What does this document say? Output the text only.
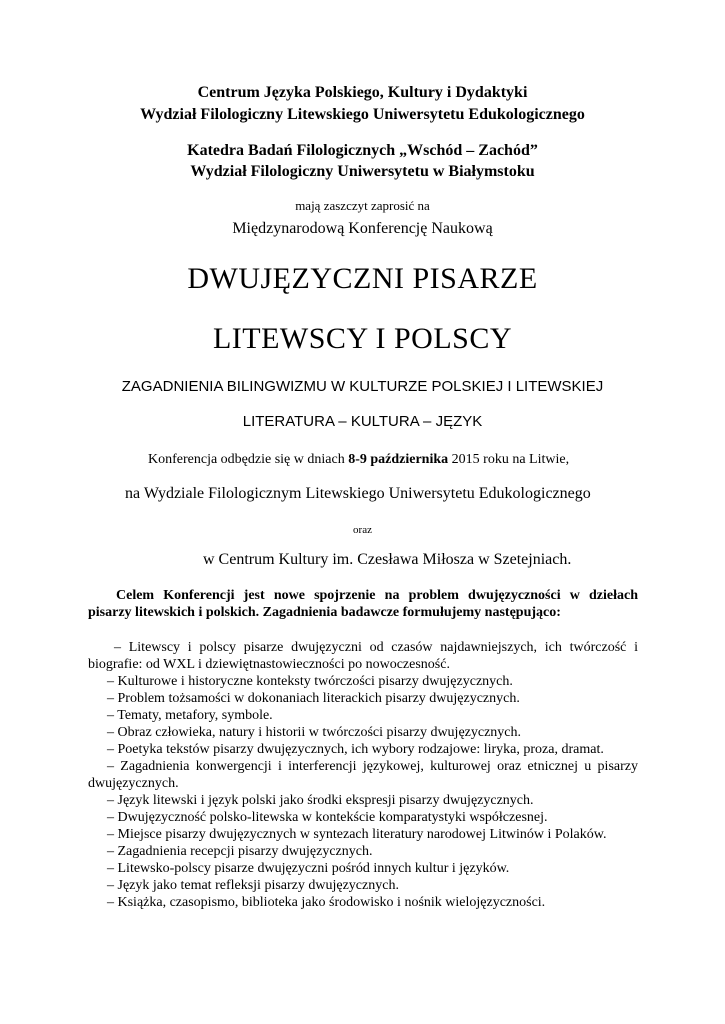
Centrum Języka Polskiego, Kultury i Dydaktyki
Wydział Filologiczny Litewskiego Uniwersytetu Edukologicznego
Katedra Badań Filologicznych „Wschód – Zachód”
Wydział Filologiczny Uniwersytetu w Białymstoku
mają zaszczyt zaprosić na
Międzynarodową Konferencję Naukową
DWUJĘZYCZNI PISARZE
LITEWSCY I POLSCY
ZAGADNIENIA BILINGWIZMU W KULTURZE POLSKIEJ I LITEWSKIEJ
LITERATURA – KULTURA – JĘZYK
Konferencja odbędzie się w dniach 8-9 października 2015 roku na Litwie,
na Wydziale Filologicznym Litewskiego Uniwersytetu Edukologicznego
oraz
w Centrum Kultury im. Czesława Miłosza w Szetejniach.
Celem Konferencji jest nowe spojrzenie na problem dwujęzyczności w dziełach
pisarzy litewskich i polskich. Zagadnienia badawcze formułujemy następująco:
– Litewscy i polscy pisarze dwujęzyczni od czasów najdawniejszych, ich twórczość i
biografie: od WXL i dziewiętnastowieczności po nowoczesność.
– Kulturowe i historyczne konteksty twórczości pisarzy dwujęzycznych.
– Problem tożsamości w dokonaniach literackich pisarzy dwujęzycznych.
– Tematy, metafory, symbole.
– Obraz człowieka, natury i historii w twórczości pisarzy dwujęzycznych.
– Poetyka tekstów pisarzy dwujęzycznych, ich wybory rodzajowe: liryka, proza, dramat.
– Zagadnienia konwergencji i interferencji językowej, kulturowej oraz etnicznej u pisarzy
dwujęzycznych.
– Język litewski i język polski jako środki ekspresji pisarzy dwujęzycznych.
– Dwujęzyczność polsko-litewska w kontekście komparatystyki współczesnej.
– Miejsce pisarzy dwujęzycznych w syntezach literatury narodowej Litwinów i Polaków.
– Zagadnienia recepcji pisarzy dwujęzycznych.
– Litewsko-polscy pisarze dwujęzyczni pośród innych kultur i języków.
– Język jako temat refleksji pisarzy dwujęzycznych.
– Książka, czasopismo, biblioteka jako środowisko i nośnik wielojęzyczności.
